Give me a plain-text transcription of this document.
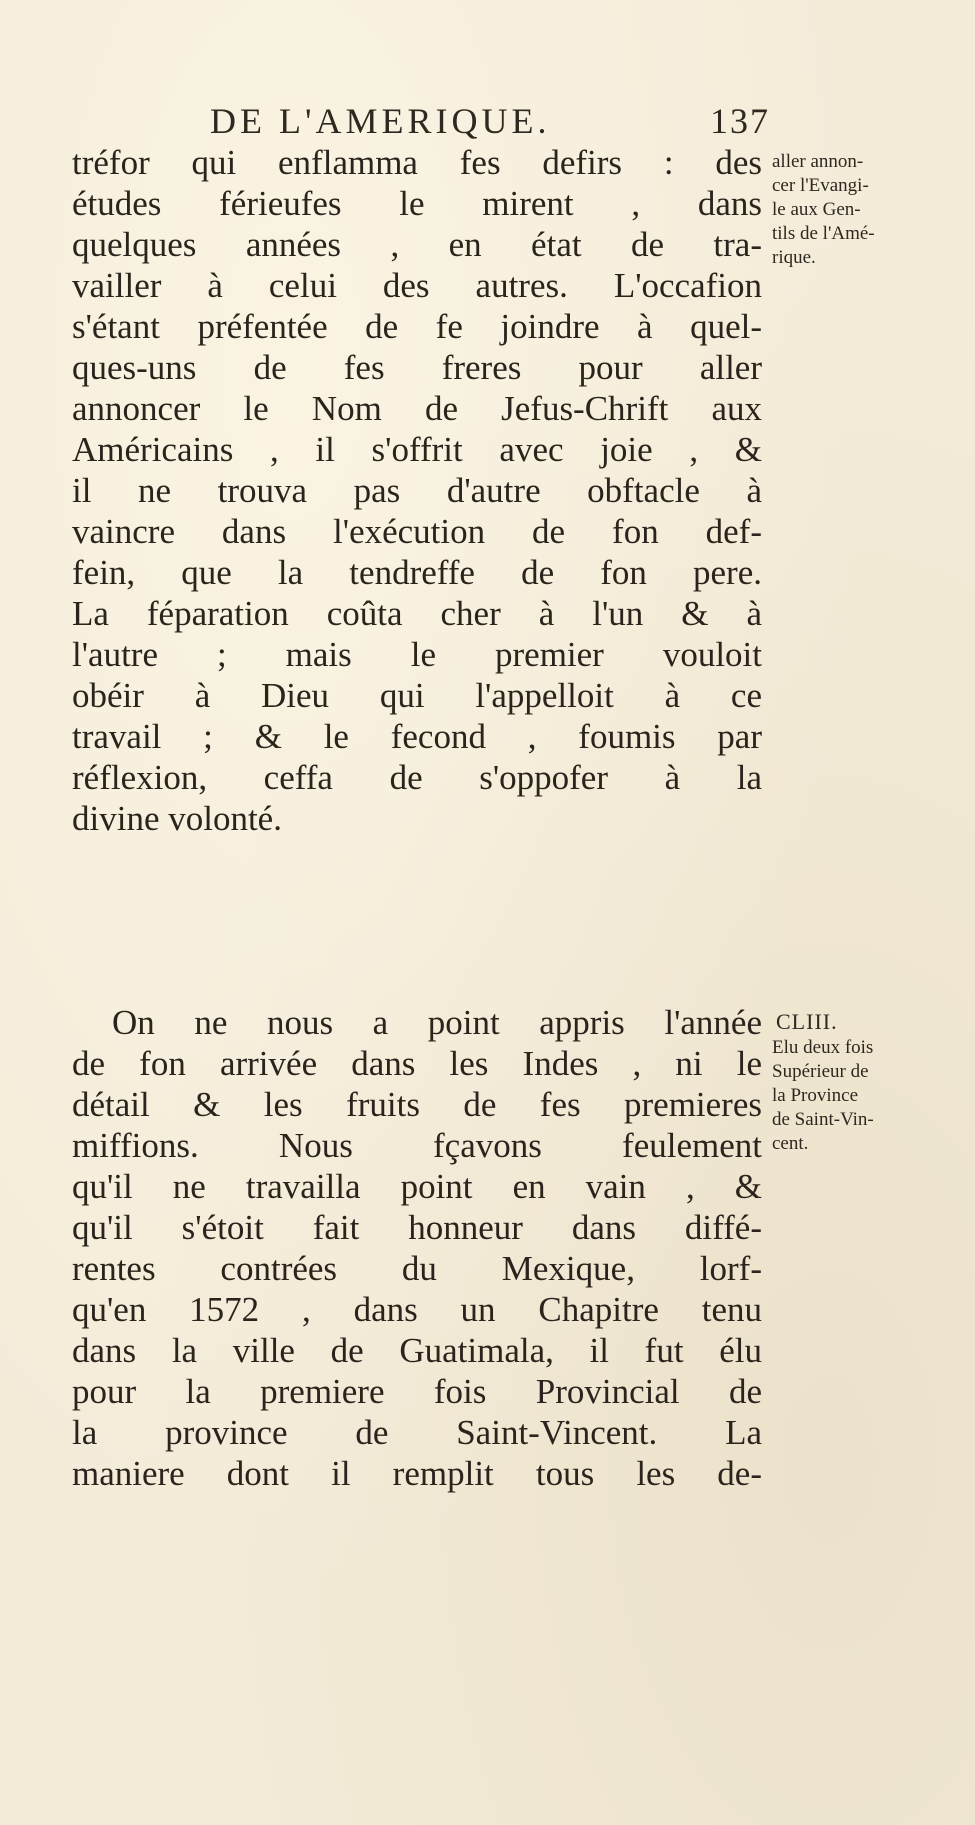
DE L'AMERIQUE.	137
tréfor qui enflamma fes defirs : des
études férieufes le mirent , dans
quelques années , en état de tra-
vailler à celui des autres. L'occafion
s'étant préfentée de fe joindre à quel-
ques-uns de fes freres pour aller
annoncer le Nom de Jefus-Chrift aux
Américains , il s'offrit avec joie , &
il ne trouva pas d'autre obftacle à
vaincre dans l'exécution de fon def-
fein, que la tendreffe de fon pere.
La féparation coûta cher à l'un & à
l'autre ; mais le premier vouloit
obéir à Dieu qui l'appelloit à ce
travail ; & le fecond , foumis par
réflexion, ceffa de s'oppofer à la
divine volonté.
On ne nous a point appris l'année
de fon arrivée dans les Indes , ni le
détail & les fruits de fes premieres
miffions. Nous fçavons feulement
qu'il ne travailla point en vain , &
qu'il s'étoit fait honneur dans diffé-
rentes contrées du Mexique, lorf-
qu'en 1572 , dans un Chapitre tenu
dans la ville de Guatimala, il fut élu
pour la premiere fois Provincial de
la province de Saint-Vincent. La
maniere dont il remplit tous les de-
aller annon-
cer l'Evangi-
le aux Gen-
tils de l'Amé-
rique.
CLIII.
Elu deux fois
Supérieur de
la Province
de Saint-Vin-
cent.
